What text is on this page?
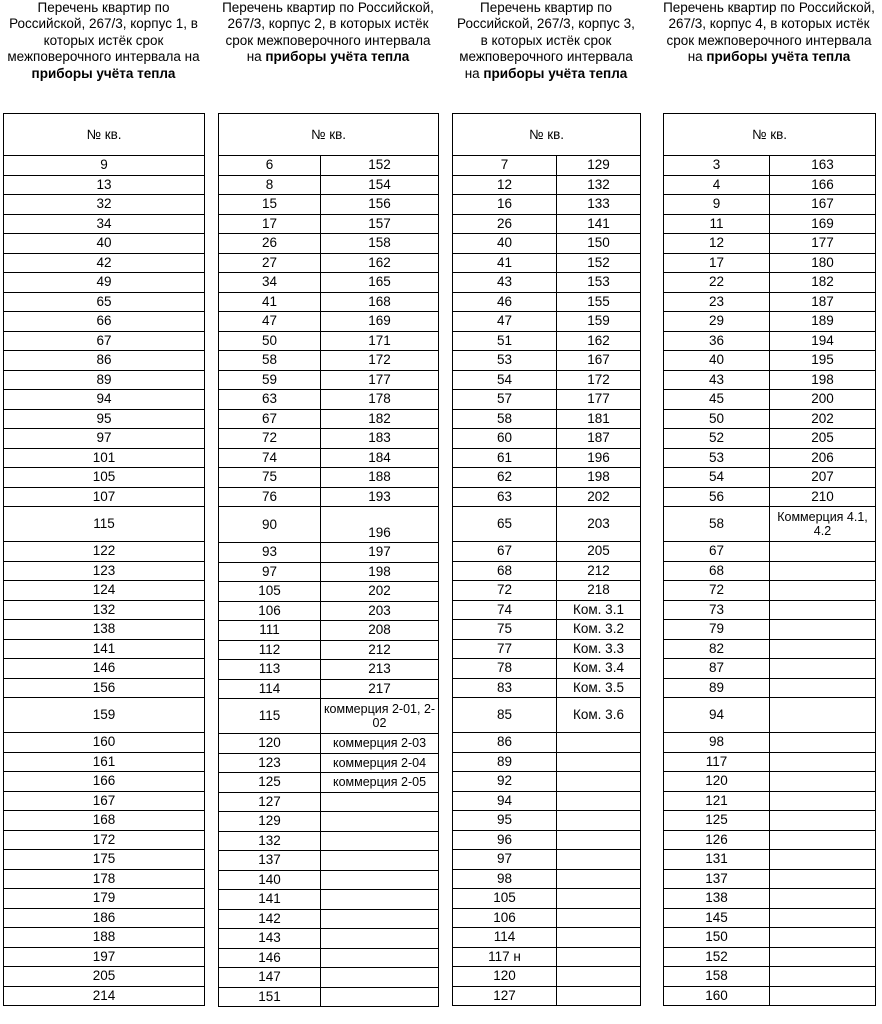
Перечень квартир по Российской, 267/3, корпус 1, в которых истёк срок межповерочного интервала на приборы учёта тепла
№ кв.
9
13
32
34
40
42
49
65
66
67
86
89
94
95
97
101
105
107
115
122
123
124
132
138
141
146
156
159
160
161
166
167
168
172
175
178
179
186
188
197
205
214
Перечень квартир по Российской, 267/3, корпус 2, в которых истёк срок межповерочного интервала на приборы учёта тепла
№ кв.	
6	152
8	154
15	156
17	157
26	158
27	162
34	165
41	168
47	169
50	171
58	172
59	177
63	178
67	182
72	183
74	184
75	188
76	193
90	196
93	197
97	198
105	202
106	203
111	208
112	212
113	213
114	217
115	коммерция 2-01, 2-02
120	коммерция 2-03
123	коммерция 2-04
125	коммерция 2-05
127	
129	
132	
137	
140	
141	
142	
143	
146	
147	
151	
Перечень квартир по Российской, 267/3, корпус 3, в которых истёк срок межповерочного интервала на приборы учёта тепла
№ кв.	
7	129
12	132
16	133
26	141
40	150
41	152
43	153
46	155
47	159
51	162
53	167
54	172
57	177
58	181
60	187
61	196
62	198
63	202
65	203
67	205
68	212
72	218
74	Ком. 3.1
75	Ком. 3.2
77	Ком. 3.3
78	Ком. 3.4
83	Ком. 3.5
85	Ком. 3.6
86	
89	
92	
94	
95	
96	
97	
98	
105	
106	
114	
117 н	
120	
127	
Перечень квартир по Российской, 267/3, корпус 4, в которых истёк срок межповерочного интервала на приборы учёта тепла
№ кв.	
3	163
4	166
9	167
11	169
12	177
17	180
22	182
23	187
29	189
36	194
40	195
43	198
45	200
50	202
52	205
53	206
54	207
56	210
58	Коммерция 4.1, 4.2
67	
68	
72	
73	
79	
82	
87	
89	
94	
98	
117	
120	
121	
125	
126	
131	
137	
138	
145	
150	
152	
158	
160	
